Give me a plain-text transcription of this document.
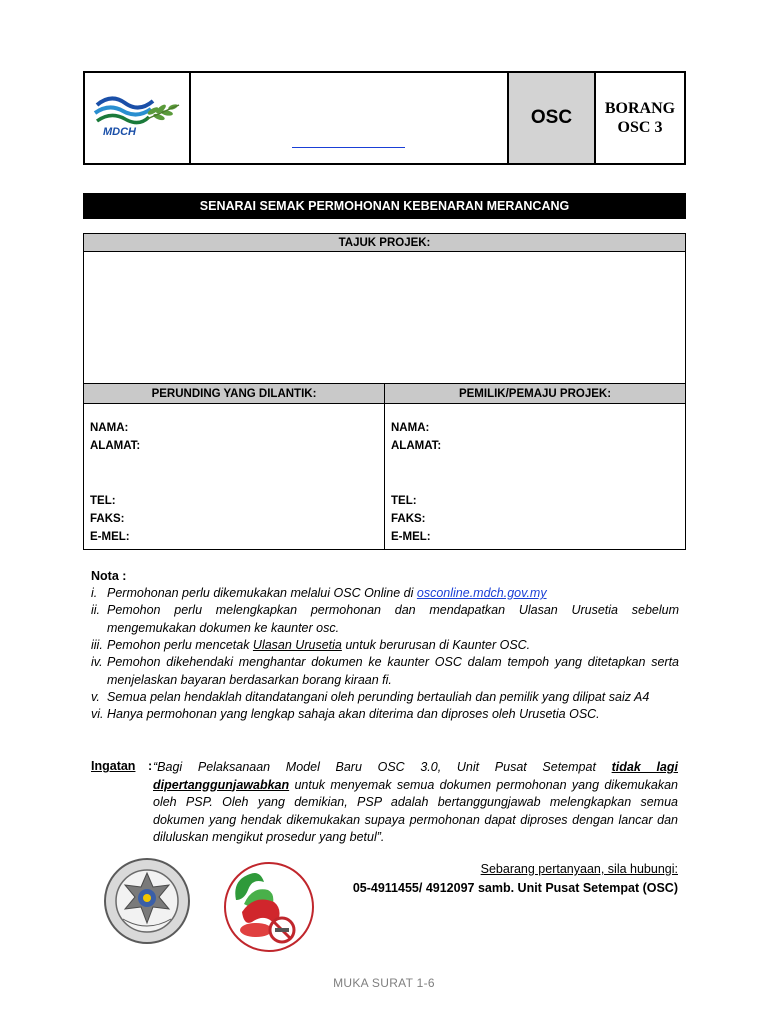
MDCH
OSC	BORANG
OSC 3
SENARAI SEMAK PERMOHONAN KEBENARAN MERANCANG
TAJUK PROJEK:
PERUNDING YANG DILANTIK:	PEMILIK/PEMAJU PROJEK:
NAMA:
ALAMAT:
TEL:
FAKS:
E-MEL:
NAMA:
ALAMAT:
TEL:
FAKS:
E-MEL:
Nota :
i. Permohonan perlu dikemukakan melalui OSC Online di osconline.mdch.gov.my
ii. Pemohon perlu melengkapkan permohonan dan mendapatkan Ulasan Urusetia sebelum mengemukakan dokumen ke kaunter osc.
iii. Pemohon perlu mencetak Ulasan Urusetia untuk berurusan di Kaunter OSC.
iv. Pemohon dikehendaki menghantar dokumen ke kaunter OSC dalam tempoh yang ditetapkan serta menjelaskan bayaran berdasarkan borang kiraan fi.
v. Semua pelan hendaklah ditandatangani oleh perunding bertauliah dan pemilik yang dilipat saiz A4
vi. Hanya permohonan yang lengkap sahaja akan diterima dan diproses oleh Urusetia OSC.
Ingatan : “Bagi Pelaksanaan Model Baru OSC 3.0, Unit Pusat Setempat tidak lagi dipertanggunjawabkan untuk menyemak semua dokumen permohonan yang dikemukakan oleh PSP. Oleh yang demikian, PSP adalah bertanggungjawab melengkapkan semua dokumen yang hendak dikemukakan supaya permohonan dapat diproses dengan lancar dan diluluskan mengikut prosedur yang betul”.
Sebarang pertanyaan, sila hubungi:
05-4911455/ 4912097 samb. Unit Pusat Setempat (OSC)
MUKA SURAT 1-6
